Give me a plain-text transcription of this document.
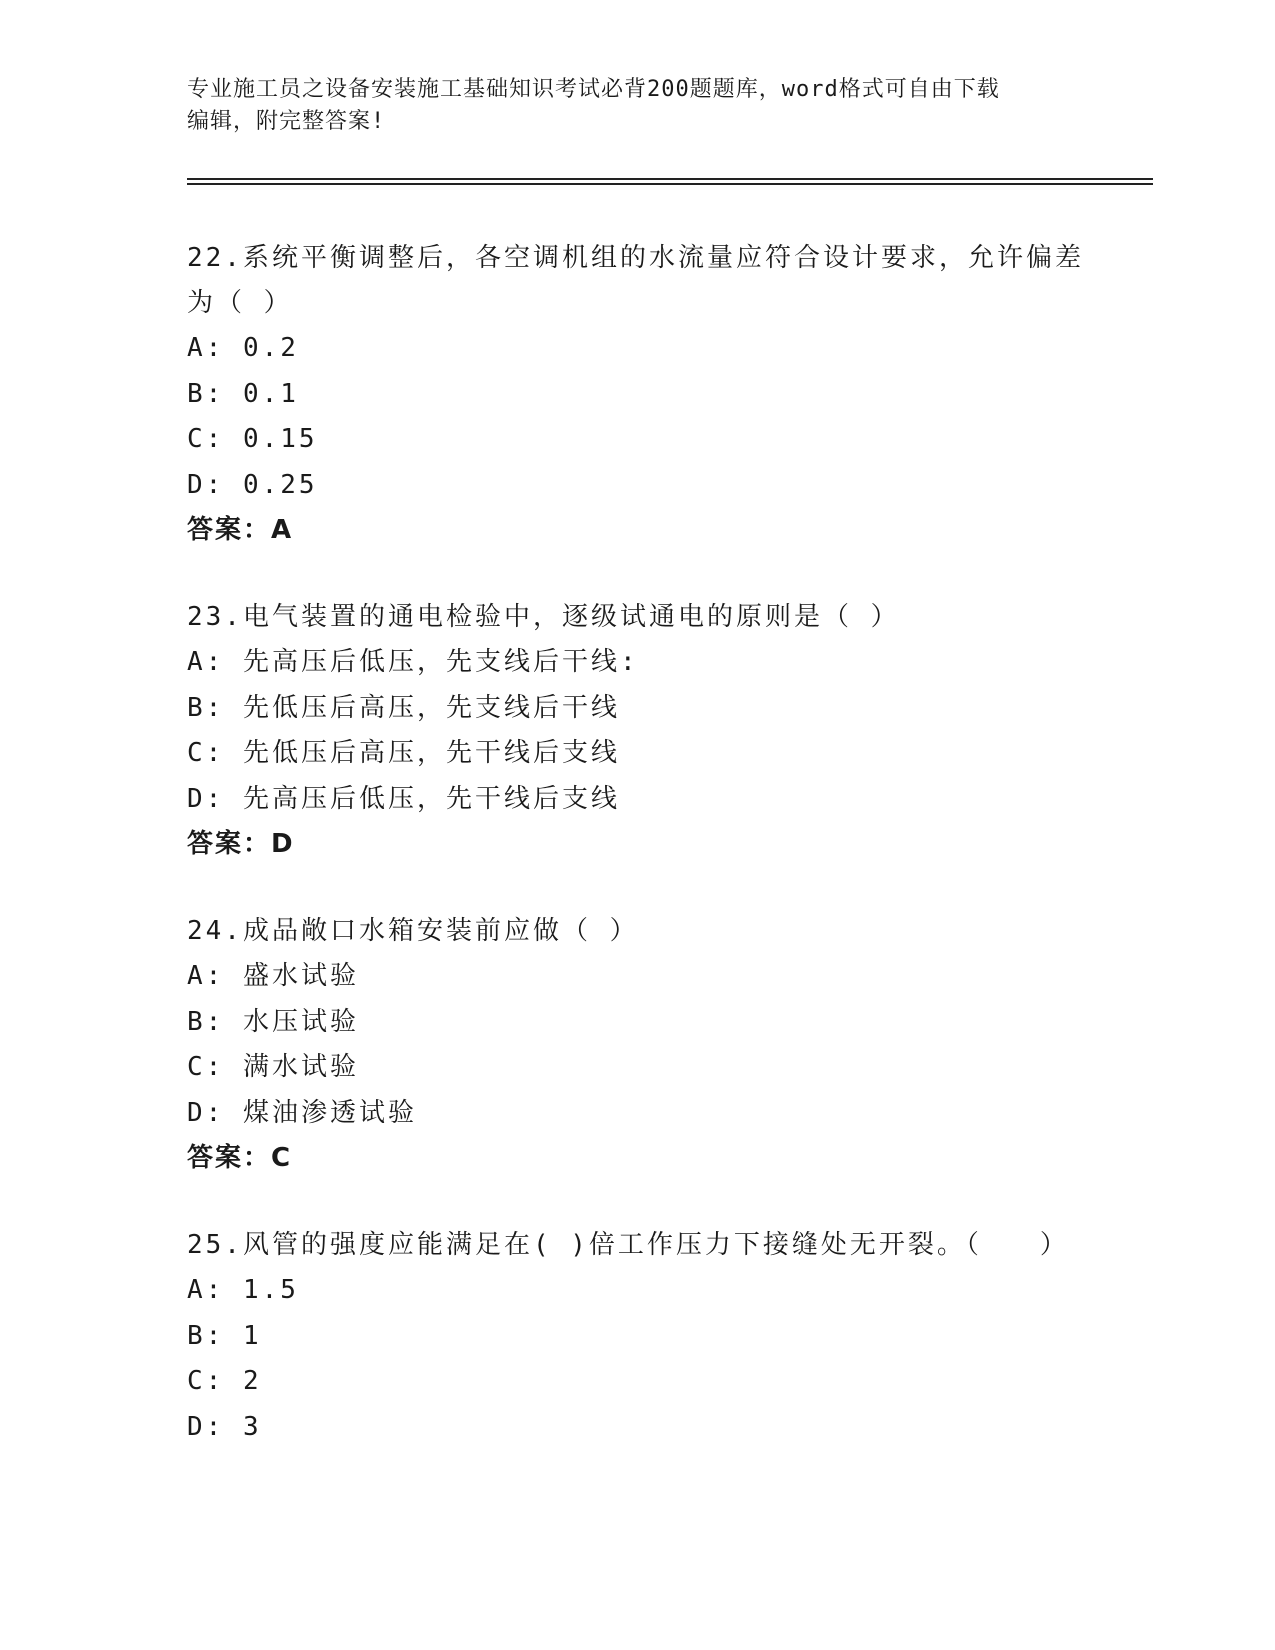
专业施工员之设备安装施工基础知识考试必背200题题库，word格式可自由下载
编辑，附完整答案!
22.系统平衡调整后，各空调机组的水流量应符合设计要求，允许偏差
为（ ）
A: 0.2
B: 0.1
C: 0.15
D: 0.25
答案：A
23.电气装置的通电检验中，逐级试通电的原则是（ ）
A: 先高压后低压，先支线后干线:
B: 先低压后高压，先支线后干线
C: 先低压后高压，先干线后支线
D: 先高压后低压，先干线后支线
答案：D
24.成品敞口水箱安装前应做（ ）
A: 盛水试验
B: 水压试验
C: 满水试验
D: 煤油渗透试验
答案：C
25.风管的强度应能满足在( )倍工作压力下接缝处无开裂。（　　）
A: 1.5
B: 1
C: 2
D: 3
